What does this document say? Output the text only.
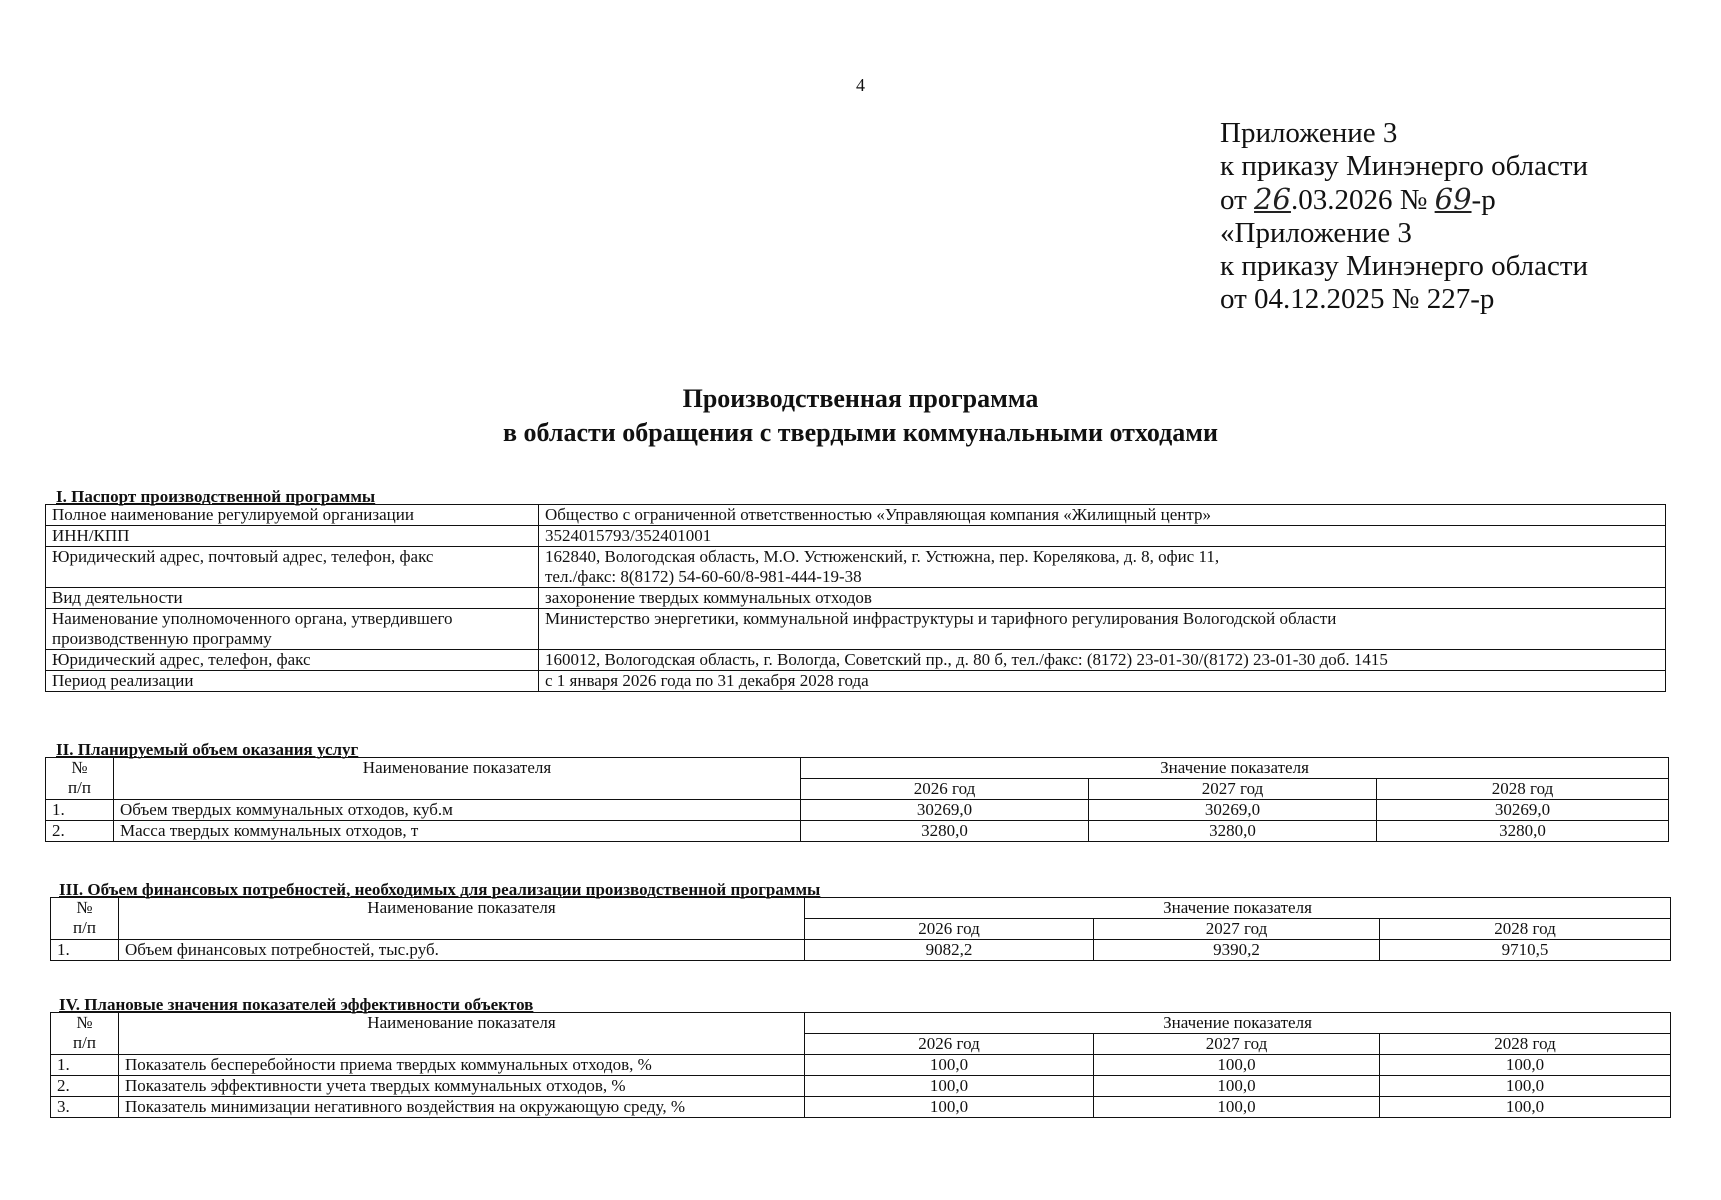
4
Приложение 3
к приказу Минэнерго области
от 26.03.2026 № 69-р
«Приложение 3
к приказу Минэнерго области
от 04.12.2025 № 227-р
Производственная программа
в области обращения с твердыми коммунальными отходами
I. Паспорт производственной программы
Полное наименование регулируемой организации	Общество с ограниченной ответственностью «Управляющая компания «Жилищный центр»
ИНН/КПП	3524015793/352401001
Юридический адрес, почтовый адрес, телефон, факс	162840, Вологодская область, М.О. Устюженский, г. Устюжна, пер. Корелякова, д. 8, офис 11,
тел./факс: 8(8172) 54-60-60/8-981-444-19-38

Вид деятельности	захоронение твердых коммунальных отходов

Наименование уполномоченного органа, утвердившего
производственную программу	Министерство энергетики, коммунальной инфраструктуры и тарифного регулирования Вологодской области
Юридический адрес, телефон, факс	160012, Вологодская область, г. Вологда, Советский пр., д. 80 б, тел./факс: (8172) 23-01-30/(8172) 23-01-30 доб. 1415
Период реализации	с 1 января 2026 года по 31 декабря 2028 года
II. Планируемый объем оказания услуг
№
п/п	Наименование показателя	Значение показателя		
		2026 год	2027 год	2028 год
1.	Объем твердых коммунальных отходов, куб.м	30269,0	30269,0	30269,0
2.	Масса твердых коммунальных отходов, т	3280,0	3280,0	3280,0
III. Объем финансовых потребностей, необходимых для реализации производственной программы
№
п/п	Наименование показателя	Значение показателя		
		2026 год	2027 год	2028 год
1.	Объем финансовых потребностей, тыс.руб.	9082,2	9390,2	9710,5
IV. Плановые значения показателей эффективности объектов
№
п/п	Наименование показателя	Значение показателя		
		2026 год	2027 год	2028 год
1.	Показатель бесперебойности приема твердых коммунальных отходов, %	100,0	100,0	100,0
2.	Показатель эффективности учета твердых коммунальных отходов, %	100,0	100,0	100,0
3.	Показатель минимизации негативного воздействия на окружающую среду, %	100,0	100,0	100,0
